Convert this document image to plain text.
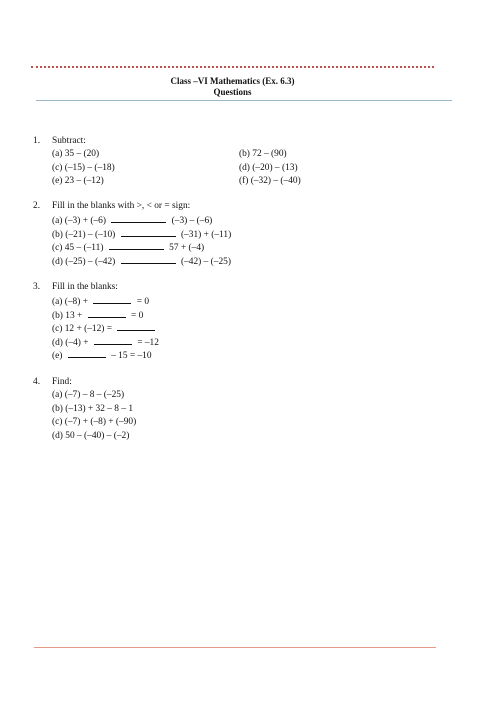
Class –VI Mathematics (Ex. 6.3)
Questions
1. Subtract:
(a) 35 – (20)	(b) 72 – (90)
(c) (–15) – (–18)	(d) (–20) – (13)
(e) 23 – (–12)	(f) (–32) – (–40)
2. Fill in the blanks with >, < or = sign:
(a) (–3) + (–6)	(–3) – (–6)
(b) (–21) – (–10)	(–31) + (–11)
(c) 45 – (–11)	57 + (–4)
(d) (–25) – (–42)	(–42) – (–25)
3. Fill in the blanks:
(a) (–8) +	= 0
(b) 13 +	= 0
(c) 12 + (–12) =
(d) (–4) +	= –12
(e)	– 15 = –10
4. Find:
(a) (–7) – 8 – (–25)
(b) (–13) + 32 – 8 – 1
(c) (–7) + (–8) + (–90)
(d) 50 – (–40) – (–2)
